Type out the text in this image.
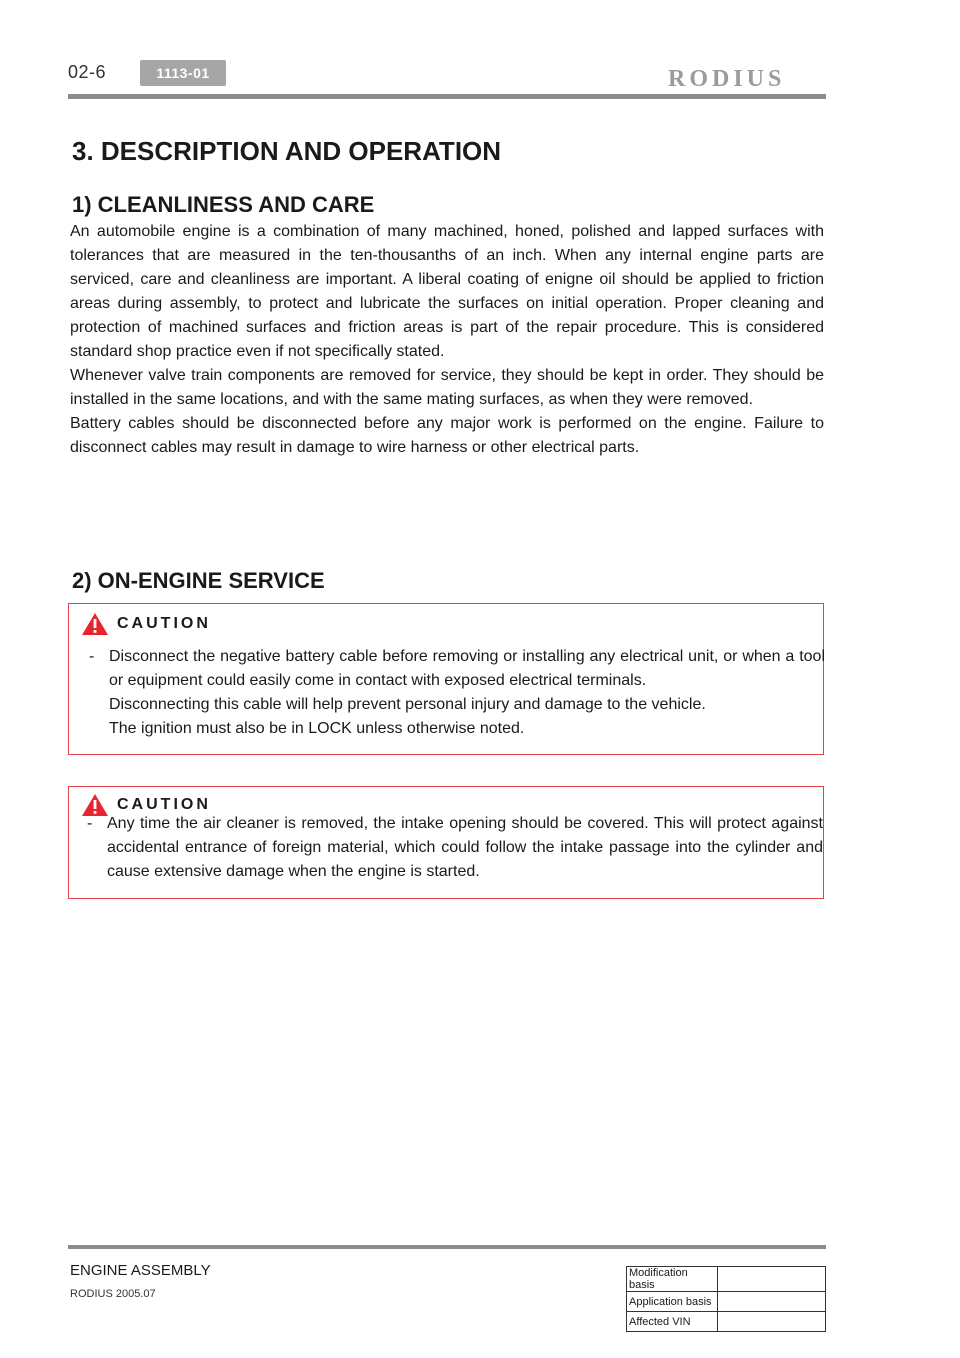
02-6	1113-01	RODIUS
3. DESCRIPTION AND OPERATION
1) CLEANLINESS AND CARE

An automobile engine is a combination of many machined, honed, polished and lapped surfaces with tolerances that are measured in the ten-thousanths of an inch. When any internal engine parts are serviced, care and cleanliness are important. A liberal coating of enigne oil should be applied to friction areas during assembly, to protect and lubricate the surfaces on initial operation. Proper cleaning and protection of machined surfaces and friction areas is part of the repair procedure. This is considered standard shop practice even if not specifically stated.

Whenever valve train components are removed for service, they should be kept in order. They should be installed in the same locations, and with the same mating surfaces, as when they were removed.

Battery cables should be disconnected before any major work is performed on the engine. Failure to disconnect cables may result in damage to wire harness or other electrical parts.

2) ON-ENGINE SERVICE
CAUTION
- Disconnect the negative battery cable before removing or installing any electrical unit, or when a tool or equipment could easily come in contact with exposed electrical terminals.

Disconnecting this cable will help prevent personal injury and damage to the vehicle.

The ignition must also be in LOCK unless otherwise noted.

CAUTION
- Any time the air cleaner is removed, the intake opening should be covered. This will protect against accidental entrance of foreign material, which could follow the intake passage into the cylinder and cause extensive damage when the engine is started.

ENGINE ASSEMBLY
RODIUS 2005.07
Modification basis	
Application basis	
Affected VIN	
